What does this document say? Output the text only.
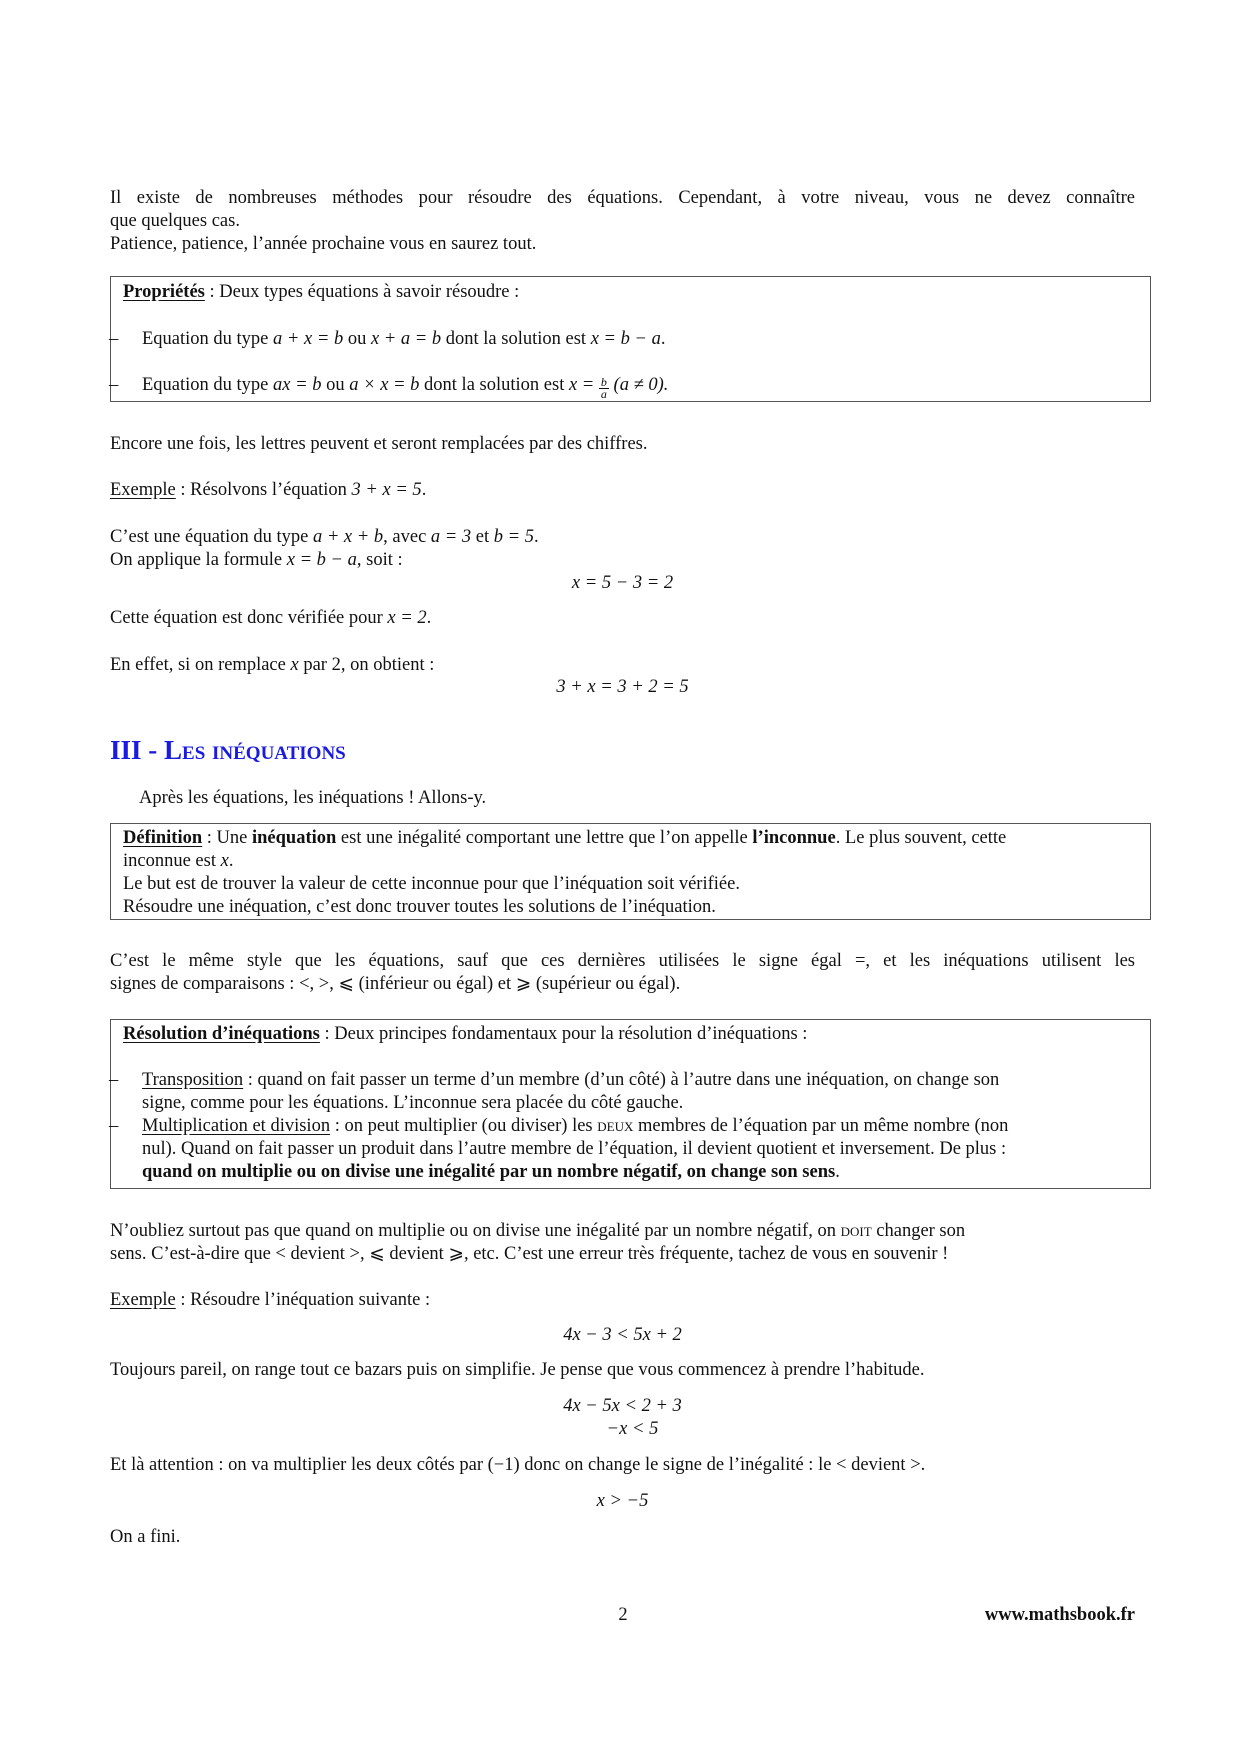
Il existe de nombreuses méthodes pour résoudre des équations. Cependant, à votre niveau, vous ne devez connaître
que quelques cas.
Patience, patience, l’année prochaine vous en saurez tout.
Propriétés : Deux types équations à savoir résoudre :
– Equation du type a + x = b ou x + a = b dont la solution est x = b − a.
– Equation du type ax = b ou a × x = b dont la solution est $x = \frac{b}{a} (a \ne 0)$.
Encore une fois, les lettres peuvent et seront remplacées par des chiffres.
Exemple : Résolvons l’équation 3 + x = 5.
C’est une équation du type a + x + b, avec a = 3 et b = 5.
On applique la formule x = b − a, soit :
x = 5 − 3 = 2
Cette équation est donc vérifiée pour x = 2.
En effet, si on remplace x par 2, on obtient :
3 + x = 3 + 2 = 5
III - Les inéquations
Après les équations, les inéquations ! Allons-y.
Définition : Une inéquation est une inégalité comportant une lettre que l’on appelle l’inconnue. Le plus souvent, cette
inconnue est x.
Le but est de trouver la valeur de cette inconnue pour que l’inéquation soit vérifiée.
Résoudre une inéquation, c’est donc trouver toutes les solutions de l’inéquation.
C’est le même style que les équations, sauf que ces dernières utilisées le signe égal =, et les inéquations utilisent les
signes de comparaisons : <, >, ⩽ (inférieur ou égal) et ⩾ (supérieur ou égal).
Résolution d’inéquations : Deux principes fondamentaux pour la résolution d’inéquations :
– Transposition : quand on fait passer un terme d’un membre (d’un côté) à l’autre dans une inéquation, on change son
signe, comme pour les équations. L’inconnue sera placée du côté gauche.
– Multiplication et division : on peut multiplier (ou diviser) les deux membres de l’équation par un même nombre (non
nul). Quand on fait passer un produit dans l’autre membre de l’équation, il devient quotient et inversement. De plus :
quand on multiplie ou on divise une inégalité par un nombre négatif, on change son sens.
N’oubliez surtout pas que quand on multiplie ou on divise une inégalité par un nombre négatif, on doit changer son
sens. C’est-à-dire que < devient >, ⩽ devient ⩾, etc. C’est une erreur très fréquente, tachez de vous en souvenir !
Exemple : Résoudre l’inéquation suivante :
4x − 3 < 5x + 2
Toujours pareil, on range tout ce bazars puis on simplifie. Je pense que vous commencez à prendre l’habitude.
4x − 5x < 2 + 3
−x < 5
Et là attention : on va multiplier les deux côtés par (−1) donc on change le signe de l’inégalité : le < devient >.
x > −5
On a fini.
2	www.mathsbook.fr
